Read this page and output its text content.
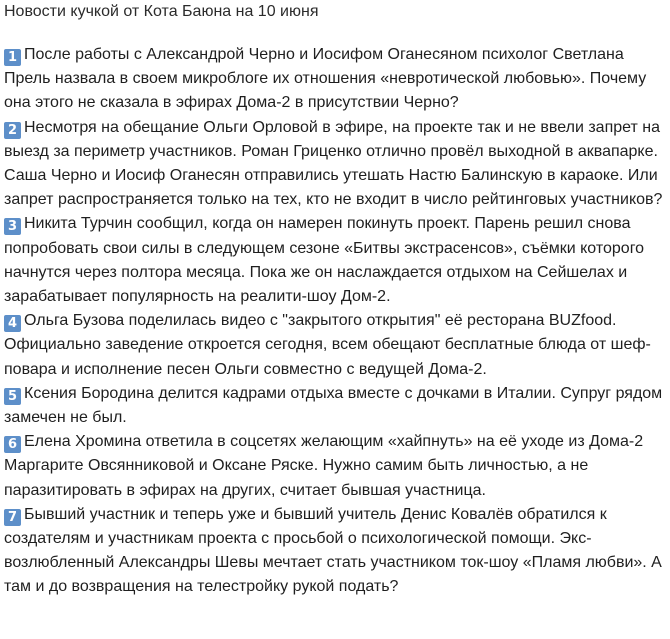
Новости кучкой от Кота Баюна на 10 июня

1 После работы с Александрой Черно и Иосифом Оганесяном психолог Светлана Прель назвала в своем микроблоге их отношения «невротической любовью». Почему она этого не сказала в эфирах Дома-2 в присутствии Черно?

2 Несмотря на обещание Ольги Орловой в эфире, на проекте так и не ввели запрет на выезд за периметр участников. Роман Гриценко отлично провёл выходной в аквапарке. Саша Черно и Иосиф Оганесян отправились утешать Настю Балинскую в караоке. Или запрет распространяется только на тех, кто не входит в число рейтинговых участников?

3 Никита Турчин сообщил, когда он намерен покинуть проект. Парень решил снова попробовать свои силы в следующем сезоне «Битвы экстрасенсов», съёмки которого начнутся через полтора месяца. Пока же он наслаждается отдыхом на Сейшелах и зарабатывает популярность на реалити-шоу Дом-2.

4 Ольга Бузова поделилась видео с "закрытого открытия" её ресторана BUZfood. Официально заведение откроется сегодня, всем обещают бесплатные блюда от шеф-повара и исполнение песен Ольги совместно с ведущей Дома-2.

5 Ксения Бородина делится кадрами отдыха вместе с дочками в Италии. Супруг рядом замечен не был.

6 Елена Хромина ответила в соцсетях желающим «хайпнуть» на её уходе из Дома-2 Маргарите Овсянниковой и Оксане Ряске. Нужно самим быть личностью, а не паразитировать в эфирах на других, считает бывшая участница.

7 Бывший участник и теперь уже и бывший учитель Денис Ковалёв обратился к создателям и участникам проекта с просьбой о психологической помощи. Экс-возлюбленный Александры Шевы мечтает стать участником ток-шоу «Пламя любви». А там и до возвращения на телестройку рукой подать?
